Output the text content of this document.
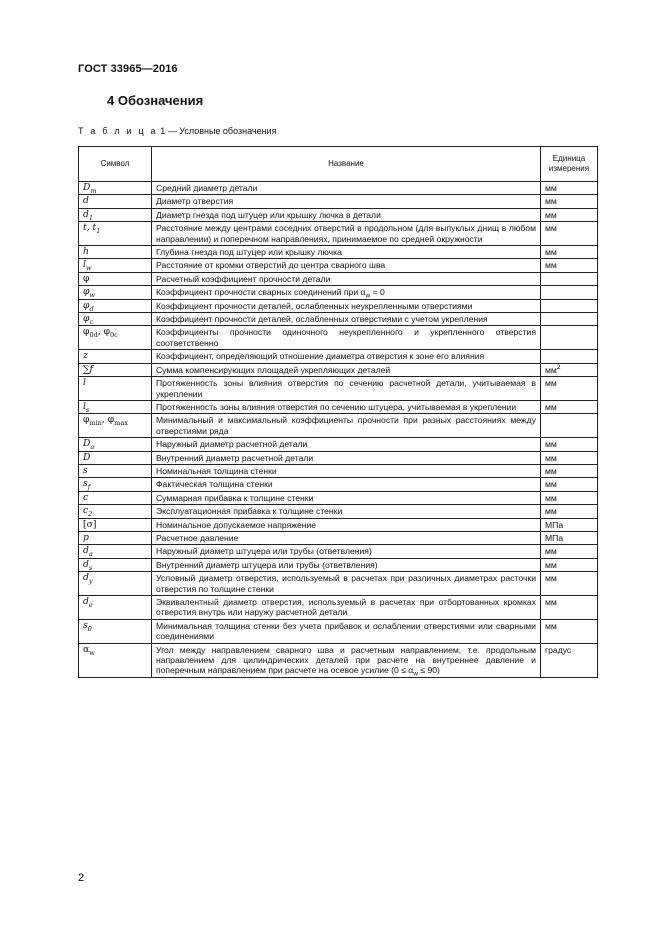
ГОСТ 33965—2016
4 Обозначения
Т а б л и ц а 1 — Условные обозначения
Символ	Название	Единица измерения
$D_m$	Средний диаметр детали	мм
d	Диаметр отверстия	мм
$d_1$	Диаметр гнезда под штуцер или крышку лючка в детали	мм
t, $t_1$	Расстояние между центрами соседних отверстий в продольном (для выпуклых днищ в любом направлении) и поперечном направлениях, принимаемое по средней окружности	мм
h	Глубина гнезда под штуцер или крышку лючка	мм
$l_w$	Расстояние от кромки отверстий до центра сварного шва	мм
φ	Расчетный коэффициент прочности детали	
$\varphi_w$	Коэффициент прочности сварных соединений при $\alpha_w = 0$	
$\varphi_d$	Коэффициент прочности деталей, ослабленных неукрепленными отверстиями	
$\varphi_c$	Коэффициент прочности деталей, ослабленных отверстиями с учетом укрепления	
$\varphi_{0d}$, $\varphi_{0c}$	Коэффициенты прочности одиночного неукрепленного и укрепленного отверстия соответственно	
z	Коэффициент, определяющий отношение диаметра отверстия к зоне его влияния	
∑f	Сумма компенсирующих площадей укрепляющих деталей	$мм^2$
l	Протяженность зоны влияния отверстия по сечению расчетной детали, учитываемая в укреплении	мм
$l_s$	Протяженность зоны влияния отверстия по сечению штуцера, учитываемая в укреплении	мм
$\varphi_{min}$, $\varphi_{max}$	Минимальный и максимальный коэффициенты прочности при разных расстояниях между отверстиями ряда	
$D_a$	Наружный диаметр расчетной детали	мм
D	Внутренний диаметр расчетной детали	мм
s	Номинальная толщина стенки	мм
$s_f$	Фактическая толщина стенки	мм
c	Суммарная прибавка к толщине стенки	мм
$c_2$	Эксплуатационная прибавка к толщине стенки	мм
[σ]	Номинальное допускаемое напряжение	МПа
p	Расчетное давление	МПа
$d_a$	Наружный диаметр штуцера или трубы (ответвления)	мм
$d_s$	Внутренний диаметр штуцера или трубы (ответвления)	мм
$d_y$	Условный диаметр отверстия, используемый в расчетах при различных диаметрах расточки отверстия по толщине стенки	мм
$d_e$	Эквивалентный диаметр отверстия, используемый в расчетах при отбортованных кромках отверстия внутрь или наружу расчетной детали	мм
$s_0$	Минимальная толщина стенки без учета прибавок и ослаблении отверстиями или сварными соединениями	мм
$\alpha_w$	Угол между направлением сварного шва и расчетным направлением, т.е. продольным направлением для цилиндрических деталей при расчете на внутреннее давление и поперечным направлением при расчете на осевое усилие $(0 \le \alpha_w \le 90)$	градус
2
